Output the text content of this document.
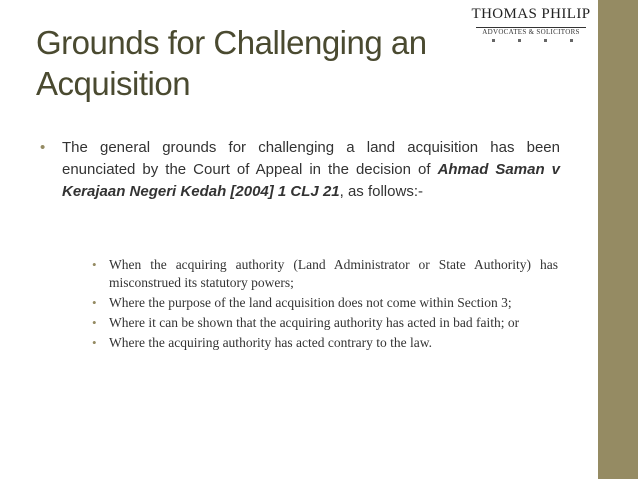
Grounds for Challenging an Acquisition
THOMAS PHILIP
ADVOCATES & SOLICITORS
• The general grounds for challenging a land acquisition has been enunciated by the Court of Appeal in the decision of Ahmad Saman v Kerajaan Negeri Kedah [2004] 1 CLJ 21, as follows:-
• When the acquiring authority (Land Administrator or State Authority) has misconstrued its statutory powers;
• Where the purpose of the land acquisition does not come within Section 3;
• Where it can be shown that the acquiring authority has acted in bad faith; or
• Where the acquiring authority has acted contrary to the law.
